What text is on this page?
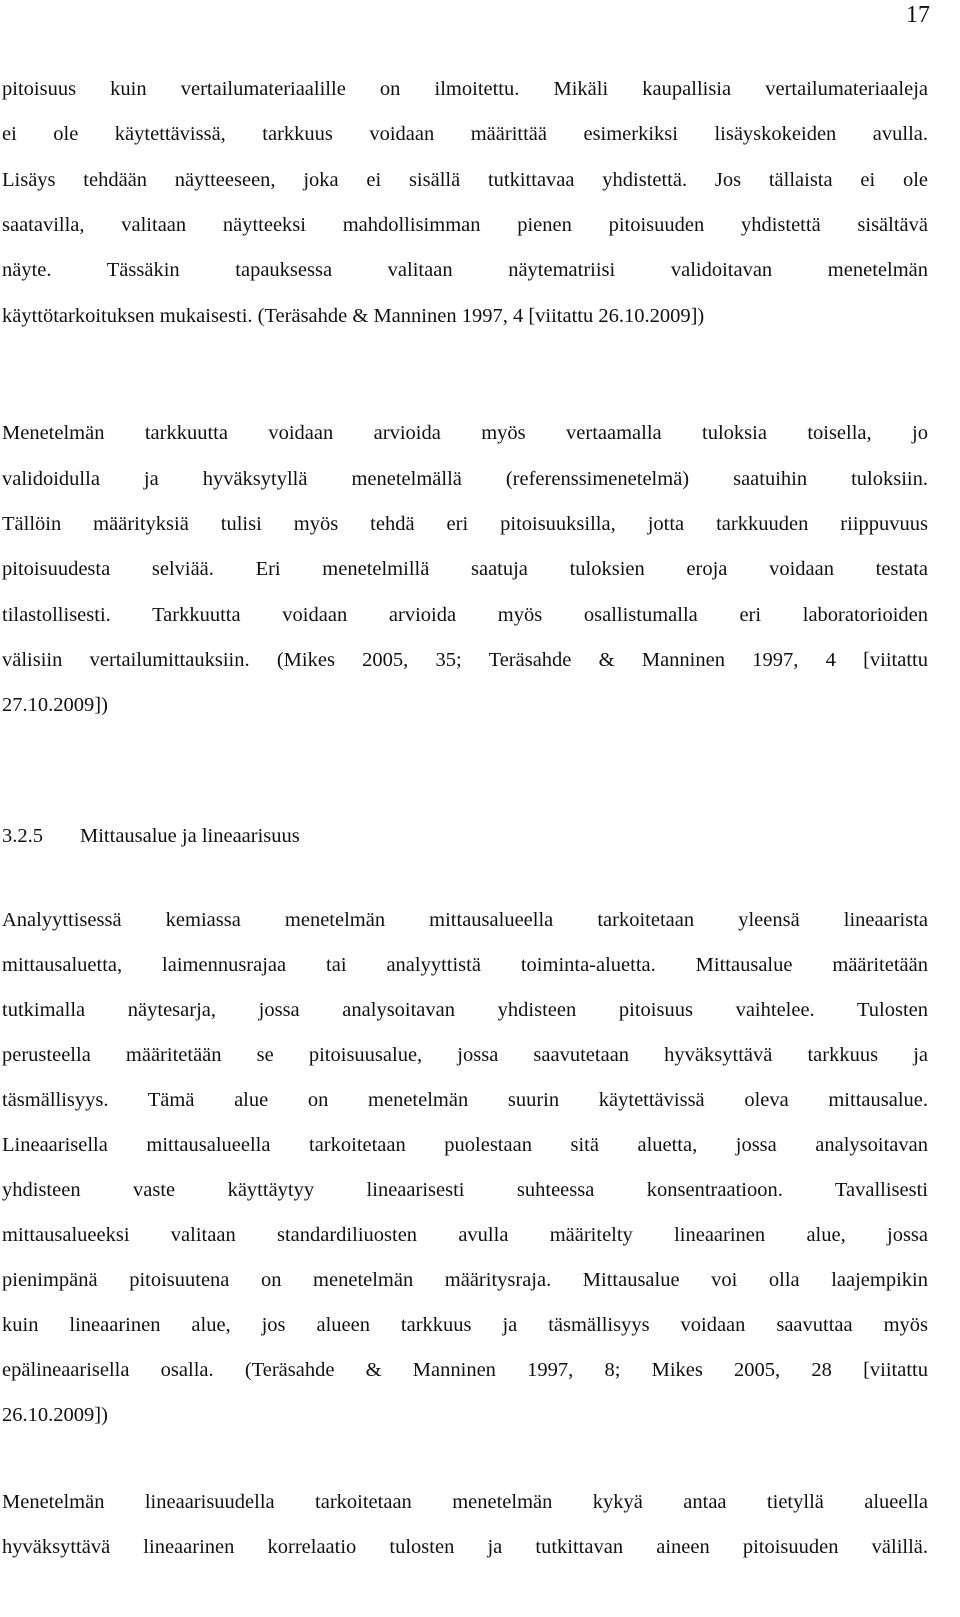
17
pitoisuus kuin vertailumateriaalille on ilmoitettu. Mikäli kaupallisia vertailumateriaaleja
ei ole käytettävissä, tarkkuus voidaan määrittää esimerkiksi lisäyskokeiden avulla.
Lisäys tehdään näytteeseen, joka ei sisällä tutkittavaa yhdistettä. Jos tällaista ei ole
saatavilla, valitaan näytteeksi mahdollisimman pienen pitoisuuden yhdistettä sisältävä
näyte. Tässäkin tapauksessa valitaan näytematriisi validoitavan menetelmän
käyttötarkoituksen mukaisesti. (Teräsahde & Manninen 1997, 4 [viitattu 26.10.2009])
Menetelmän tarkkuutta voidaan arvioida myös vertaamalla tuloksia toisella, jo
validoidulla ja hyväksytyllä menetelmällä (referenssimenetelmä) saatuihin tuloksiin.
Tällöin määrityksiä tulisi myös tehdä eri pitoisuuksilla, jotta tarkkuuden riippuvuus
pitoisuudesta selviää. Eri menetelmillä saatuja tuloksien eroja voidaan testata
tilastollisesti. Tarkkuutta voidaan arvioida myös osallistumalla eri laboratorioiden
välisiin vertailumittauksiin. (Mikes 2005, 35; Teräsahde & Manninen 1997, 4 [viitattu
27.10.2009])
3.2.5 Mittausalue ja lineaarisuus
Analyyttisessä kemiassa menetelmän mittausalueella tarkoitetaan yleensä lineaarista
mittausaluetta, laimennusrajaa tai analyyttistä toiminta-aluetta. Mittausalue määritetään
tutkimalla näytesarja, jossa analysoitavan yhdisteen pitoisuus vaihtelee. Tulosten
perusteella määritetään se pitoisuusalue, jossa saavutetaan hyväksyttävä tarkkuus ja
täsmällisyys. Tämä alue on menetelmän suurin käytettävissä oleva mittausalue.
Lineaarisella mittausalueella tarkoitetaan puolestaan sitä aluetta, jossa analysoitavan
yhdisteen vaste käyttäytyy lineaarisesti suhteessa konsentraatioon. Tavallisesti
mittausalueeksi valitaan standardiliuosten avulla määritelty lineaarinen alue, jossa
pienimpänä pitoisuutena on menetelmän määritysraja. Mittausalue voi olla laajempikin
kuin lineaarinen alue, jos alueen tarkkuus ja täsmällisyys voidaan saavuttaa myös
epälineaarisella osalla. (Teräsahde & Manninen 1997, 8; Mikes 2005, 28 [viitattu
26.10.2009])
Menetelmän lineaarisuudella tarkoitetaan menetelmän kykyä antaa tietyllä alueella
hyväksyttävä lineaarinen korrelaatio tulosten ja tutkittavan aineen pitoisuuden välillä.
